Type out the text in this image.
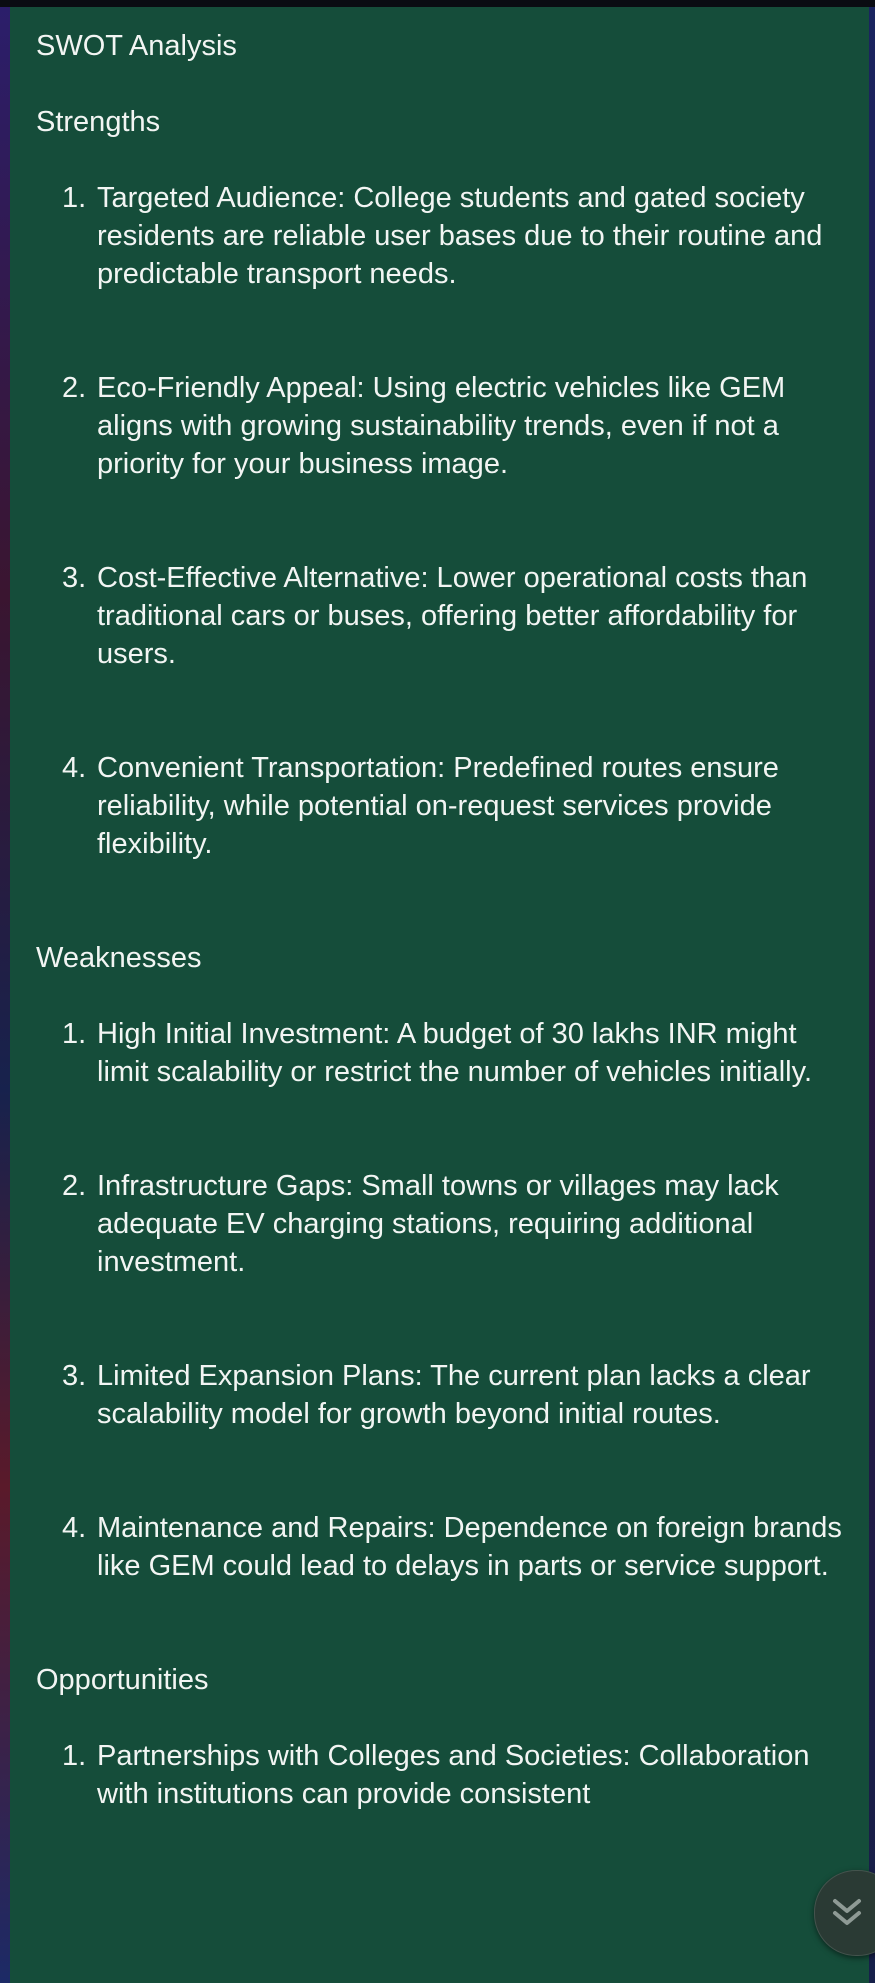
SWOT Analysis

Strengths

1. Targeted Audience: College students and gated society residents are reliable user bases due to their routine and predictable transport needs.
2. Eco-Friendly Appeal: Using electric vehicles like GEM aligns with growing sustainability trends, even if not a priority for your business image.
3. Cost-Effective Alternative: Lower operational costs than traditional cars or buses, offering better affordability for users.
4. Convenient Transportation: Predefined routes ensure reliability, while potential on-request services provide flexibility.

Weaknesses

1. High Initial Investment: A budget of 30 lakhs INR might limit scalability or restrict the number of vehicles initially.
2. Infrastructure Gaps: Small towns or villages may lack adequate EV charging stations, requiring additional investment.
3. Limited Expansion Plans: The current plan lacks a clear scalability model for growth beyond initial routes.
4. Maintenance and Repairs: Dependence on foreign brands like GEM could lead to delays in parts or service support.

Opportunities

1. Partnerships with Colleges and Societies: Collaboration with institutions can provide consistent
